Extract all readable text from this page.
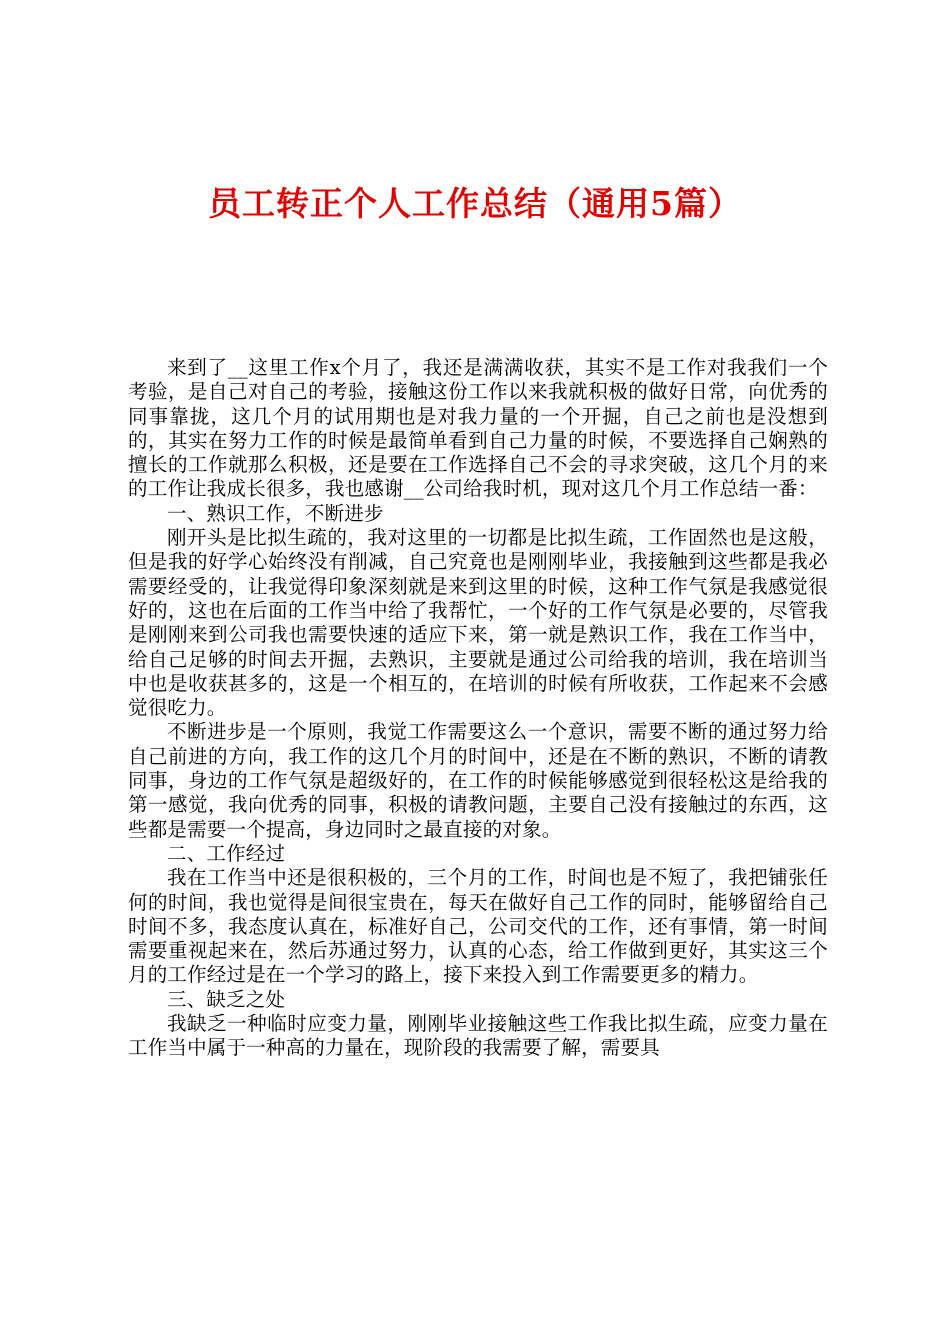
员工转正个人工作总结（通用5篇）

来到了__这里工作x个月了，我还是满满收获，其实不是工作对我我们一个考验，是自己对自己的考验，接触这份工作以来我就积极的做好日常，向优秀的同事靠拢，这几个月的试用期也是对我力量的一个开掘，自己之前也是没想到的，其实在努力工作的时候是最简单看到自己力量的时候，不要选择自己娴熟的擅长的工作就那么积极，还是要在工作选择自己不会的寻求突破，这几个月的来的工作让我成长很多，我也感谢__公司给我时机，现对这几个月工作总结一番：

一、熟识工作，不断进步

刚开头是比拟生疏的，我对这里的一切都是比拟生疏，工作固然也是这般，但是我的好学心始终没有削减，自己究竟也是刚刚毕业，我接触到这些都是我必需要经受的，让我觉得印象深刻就是来到这里的时候，这种工作气氛是我感觉很好的，这也在后面的工作当中给了我帮忙，一个好的工作气氛是必要的，尽管我是刚刚来到公司我也需要快速的适应下来，第一就是熟识工作，我在工作当中，给自己足够的时间去开掘，去熟识，主要就是通过公司给我的培训，我在培训当中也是收获甚多的，这是一个相互的，在培训的时候有所收获，工作起来不会感觉很吃力。

不断进步是一个原则，我觉工作需要这么一个意识，需要不断的通过努力给自己前进的方向，我工作的这几个月的时间中，还是在不断的熟识，不断的请教同事，身边的工作气氛是超级好的，在工作的时候能够感觉到很轻松这是给我的第一感觉，我向优秀的同事，积极的请教问题，主要自己没有接触过的东西，这些都是需要一个提高，身边同时之最直接的对象。

二、工作经过

我在工作当中还是很积极的，三个月的工作，时间也是不短了，我把铺张任何的时间，我也觉得是间很宝贵在，每天在做好自己工作的同时，能够留给自己时间不多，我态度认真在，标准好自己，公司交代的工作，还有事情，第一时间需要重视起来在，然后苏通过努力，认真的心态，给工作做到更好，其实这三个月的工作经过是在一个学习的路上，接下来投入到工作需要更多的精力。

三、缺乏之处

我缺乏一种临时应变力量，刚刚毕业接触这些工作我比拟生疏，应变力量在工作当中属于一种高的力量在，现阶段的我需要了解，需要具
